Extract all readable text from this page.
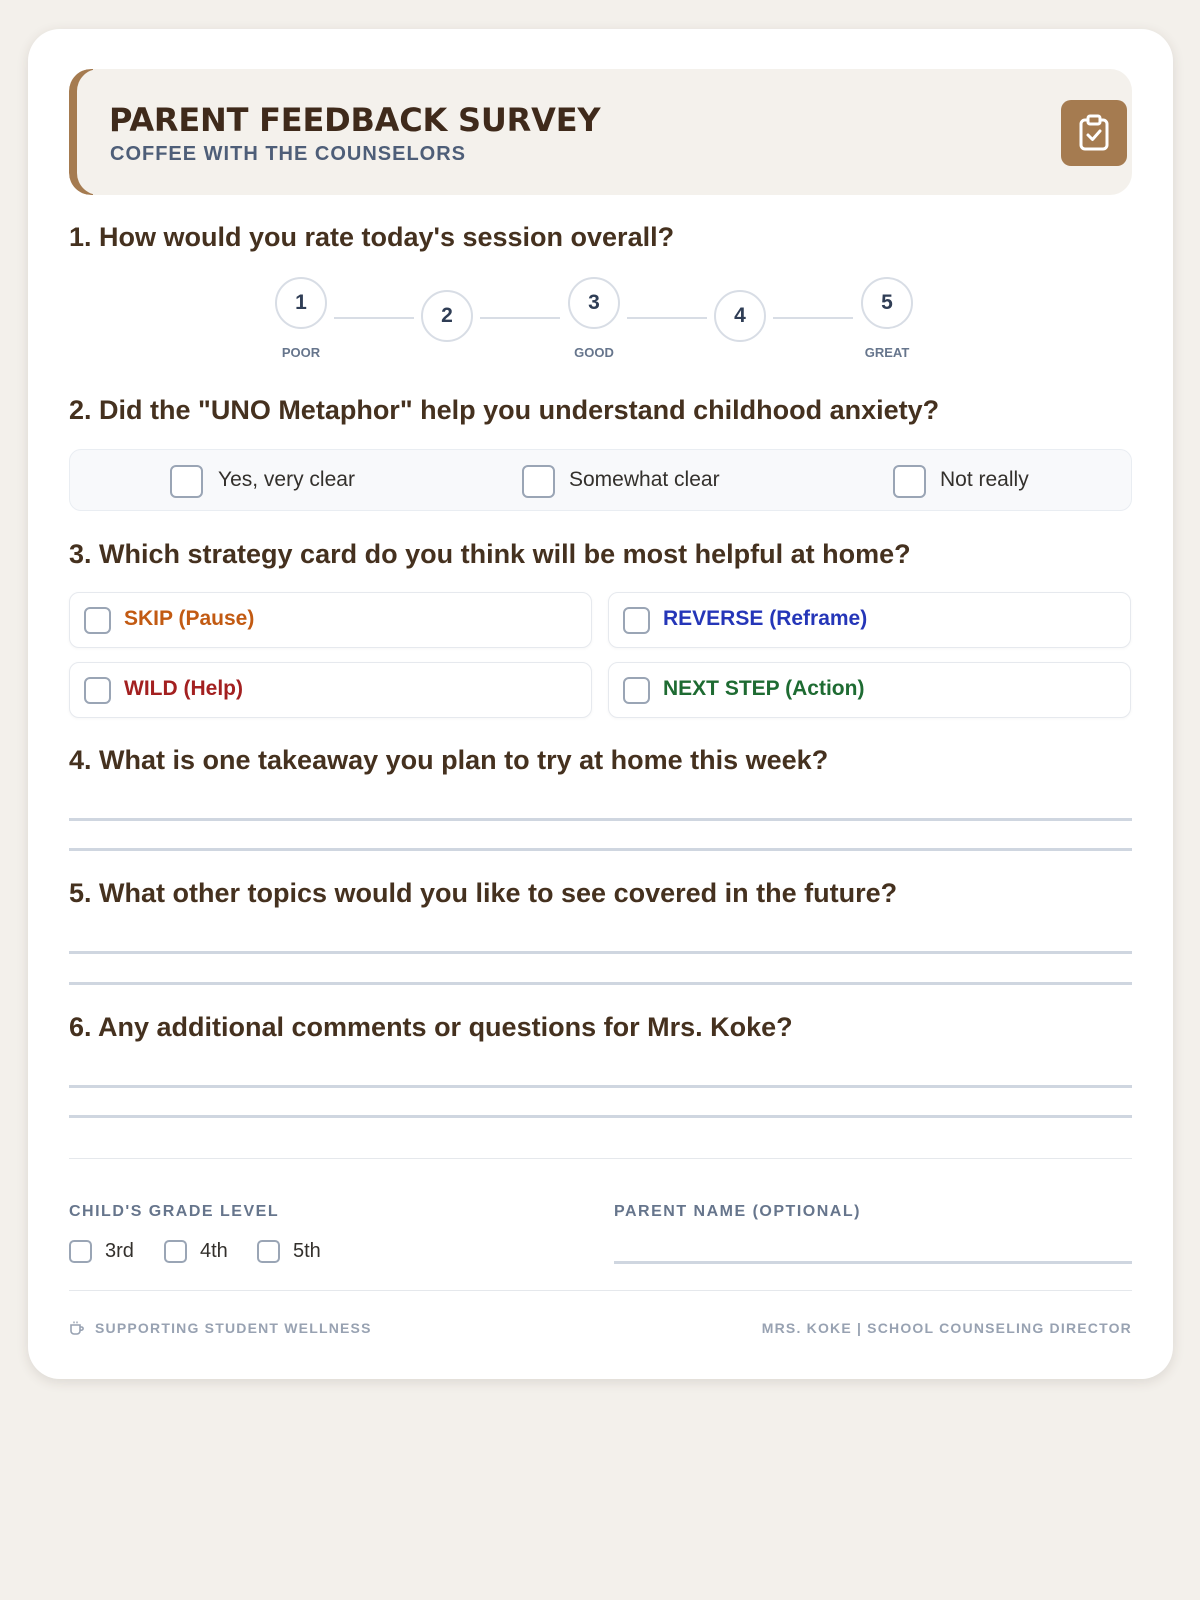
PARENT FEEDBACK SURVEY
COFFEE WITH THE COUNSELORS
1. How would you rate today's session overall?
1
2
3
4
5
POOR	GOOD	GREAT
2. Did the "UNO Metaphor" help you understand childhood anxiety?
Yes, very clear	Somewhat clear	Not really
3. Which strategy card do you think will be most helpful at home?
SKIP (Pause)	REVERSE (Reframe)
WILD (Help)	NEXT STEP (Action)
4. What is one takeaway you plan to try at home this week?
5. What other topics would you like to see covered in the future?
6. Any additional comments or questions for Mrs. Koke?
CHILD'S GRADE LEVEL
3rd	4th	5th
PARENT NAME (OPTIONAL)
SUPPORTING STUDENT WELLNESS	MRS. KOKE | SCHOOL COUNSELING DIRECTOR
